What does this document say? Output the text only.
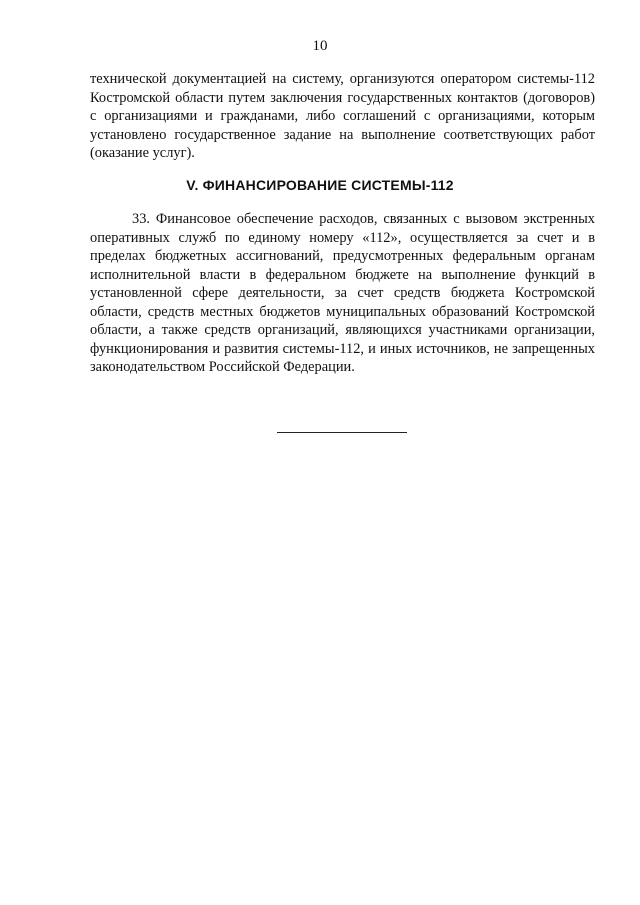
10
технической документацией на систему, организуются оператором системы-112 Костромской области путем заключения государственных контактов (договоров) с организациями и гражданами, либо соглашений с организациями, которым установлено государственное задание на выполнение соответствующих работ (оказание услуг).
V. ФИНАНСИРОВАНИЕ СИСТЕМЫ-112
33. Финансовое обеспечение расходов, связанных с вызовом экстренных оперативных служб по единому номеру «112», осуществляется за счет и в пределах бюджетных ассигнований, предусмотренных федеральным органам исполнительной власти в федеральном бюджете на выполнение функций в установленной сфере деятельности, за счет средств бюджета Костромской области, средств местных бюджетов муниципальных образований Костромской области, а также средств организаций, являющихся участниками организации, функционирования и развития системы-112, и иных источников, не запрещенных законодательством Российской Федерации.
